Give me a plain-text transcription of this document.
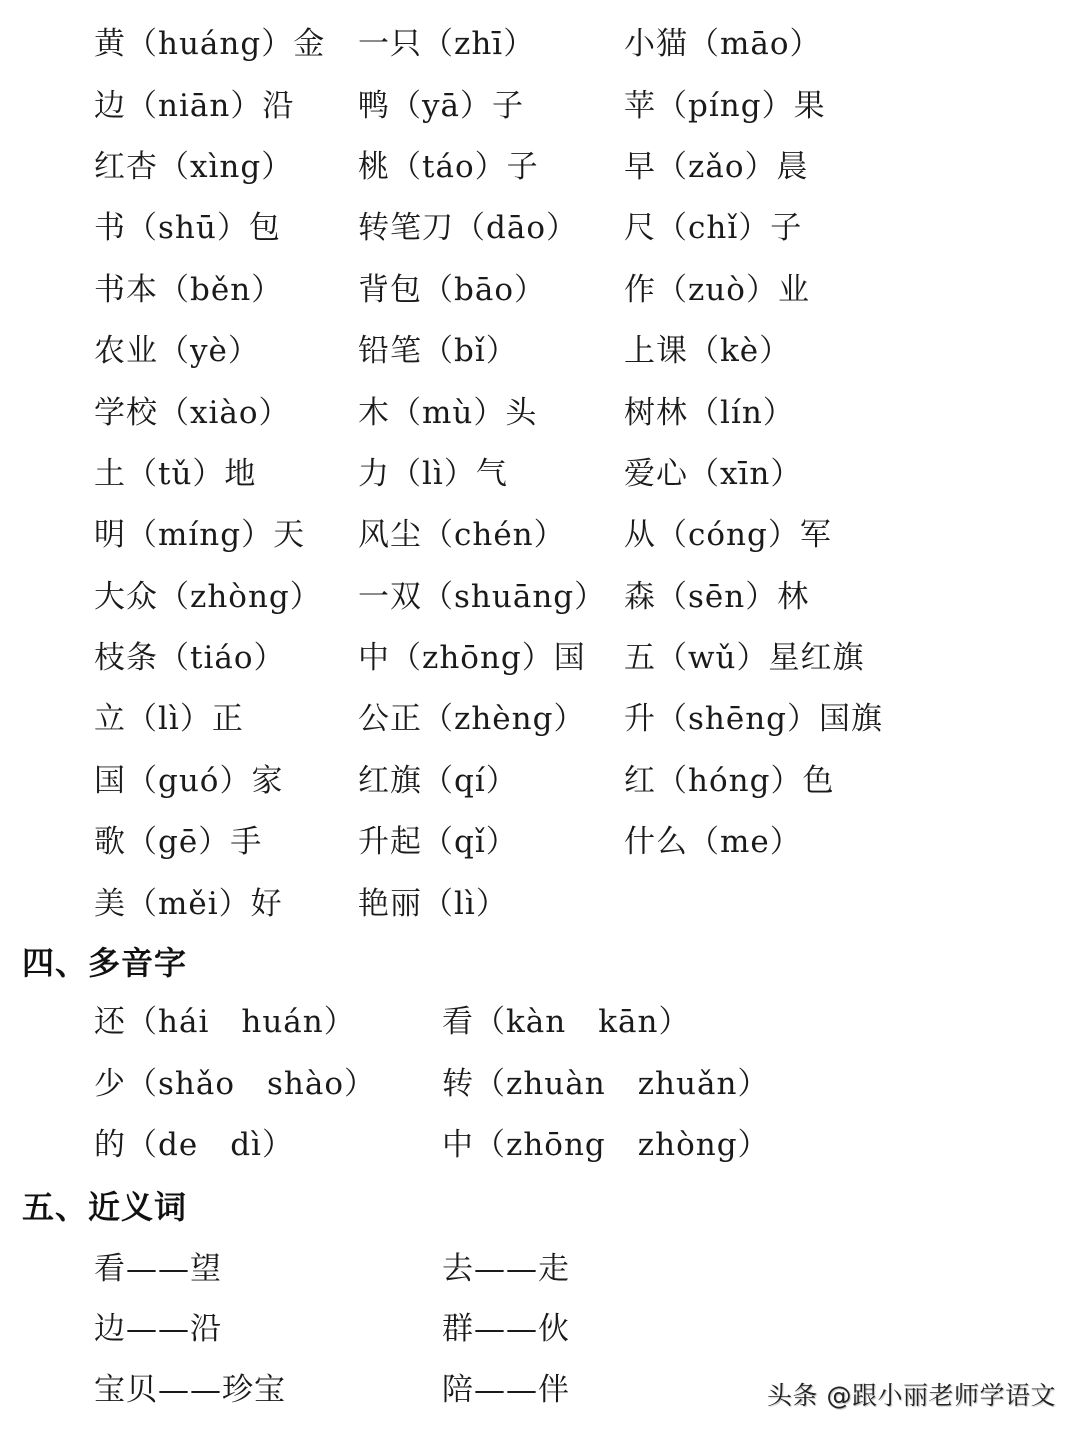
黄（huáng）金	一只（zhī）	小猫（māo）
边（niān）沿	鸭（yā）子	苹（píng）果
红杏（xìng）	桃（táo）子	早（zǎo）晨
书（shū）包	转笔刀（dāo）	尺（chǐ）子
书本（běn）	背包（bāo）	作（zuò）业
农业（yè）	铅笔（bǐ）	上课（kè）
学校（xiào）	木（mù）头	树林（lín）
土（tǔ）地	力（lì）气	爱心（xīn）
明（míng）天	风尘（chén）	从（cóng）军
大众（zhòng）	一双（shuāng） 森（sēn）林
枝条（tiáo）	中（zhōng）国	五（wǔ）星红旗
立（lì）正	公正（zhèng）	升（shēng）国旗
国（guó）家	红旗（qí）	红（hóng）色
歌（gē）手	升起（qǐ）	什么（me）
美（měi）好	艳丽（lì）
四、多音字
还（hái　huán）	看（kàn　kān）
少（shǎo　shào）	转（zhuàn　zhuǎn）
的（de　dì）	中（zhōng　zhòng）
五、近义词
看——望	去——走
边——沿	群——伙
宝贝——珍宝	陪——伴	头条 @跟小丽老师学语文
